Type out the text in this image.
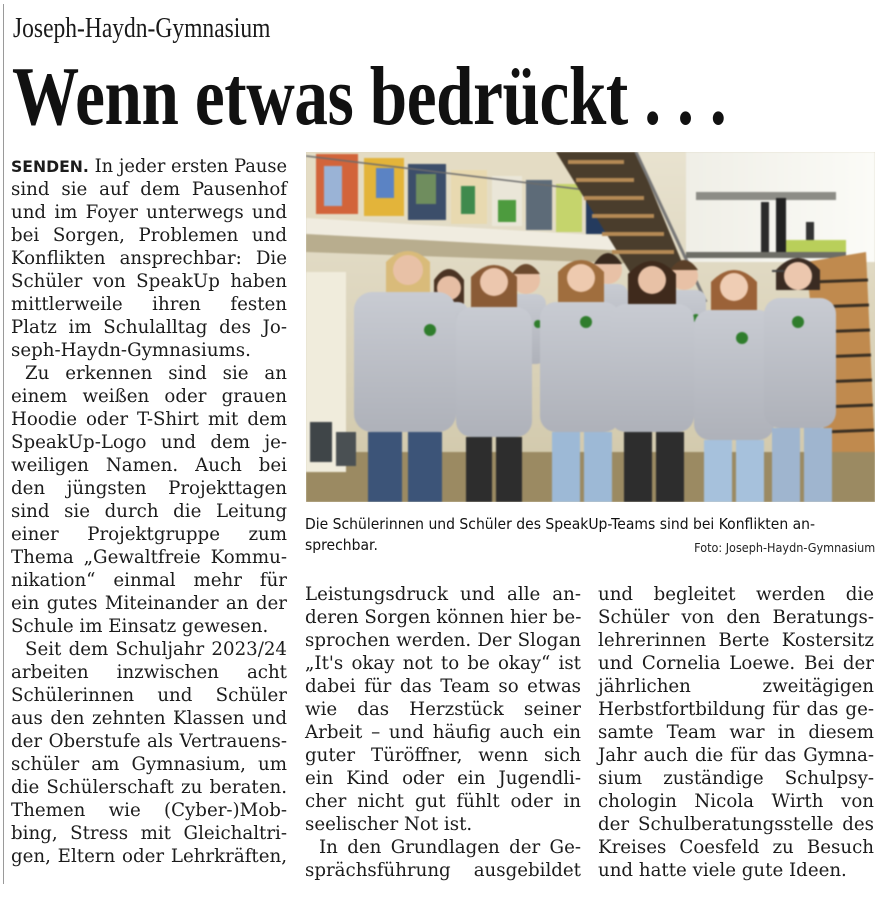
Joseph-Haydn-Gymnasium
Wenn etwas bedrückt . . .
SENDEN. In jeder ersten Pause
sind sie auf dem Pausenhof
und im Foyer unterwegs und
bei Sorgen, Problemen und
Konflikten ansprechbar: Die
Schüler von SpeakUp haben
mittlerweile ihren festen
Platz im Schulalltag des Jo-
seph-Haydn-Gymnasiums.
Zu erkennen sind sie an
einem weißen oder grauen
Hoodie oder T-Shirt mit dem
SpeakUp-Logo und dem je-
weiligen Namen. Auch bei
den jüngsten Projekttagen
sind sie durch die Leitung
einer Projektgruppe zum
Thema „Gewaltfreie Kommu-
nikation“ einmal mehr für
ein gutes Miteinander an der
Schule im Einsatz gewesen.
Seit dem Schuljahr 2023/24
arbeiten inzwischen acht
Schülerinnen und Schüler
aus den zehnten Klassen und
der Oberstufe als Vertrauens-
schüler am Gymnasium, um
die Schülerschaft zu beraten.
Themen wie (Cyber-)Mob-
bing, Stress mit Gleichaltri-
gen, Eltern oder Lehrkräften,
Die Schülerinnen und Schüler des SpeakUp-Teams sind bei Konflikten an-
sprechbar.	Foto: Joseph-Haydn-Gymnasium
Leistungsdruck und alle an-
deren Sorgen können hier be-
sprochen werden. Der Slogan
„It's okay not to be okay“ ist
dabei für das Team so etwas
wie das Herzstück seiner
Arbeit – und häufig auch ein
guter Türöffner, wenn sich
ein Kind oder ein Jugendli-
cher nicht gut fühlt oder in
seelischer Not ist.
In den Grundlagen der Ge-
sprächsführung ausgebildet
und begleitet werden die
Schüler von den Beratungs-
lehrerinnen Berte Kostersitz
und Cornelia Loewe. Bei der
jährlichen zweitägigen
Herbstfortbildung für das ge-
samte Team war in diesem
Jahr auch die für das Gymna-
sium zuständige Schulpsy-
chologin Nicola Wirth von
der Schulberatungsstelle des
Kreises Coesfeld zu Besuch
und hatte viele gute Ideen.
